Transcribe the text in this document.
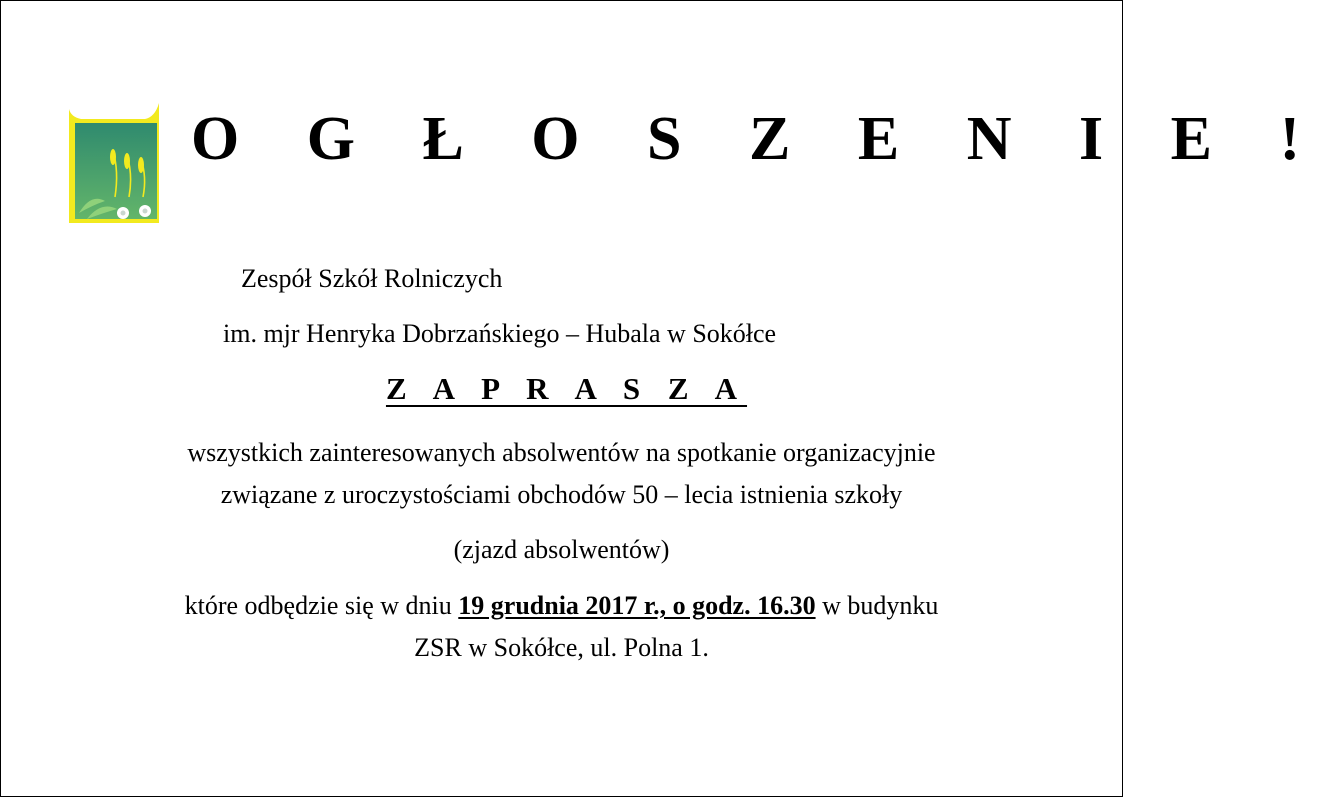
O G Ł O S Z E N I E !
Zespół Szkół Rolniczych
im. mjr Henryka Dobrzańskiego – Hubala w Sokółce
Z A P R A S Z A
wszystkich zainteresowanych absolwentów na spotkanie organizacyjnie
związane z uroczystościami obchodów 50 – lecia istnienia szkoły
(zjazd absolwentów)
które odbędzie się w dniu 19 grudnia 2017 r., o godz. 16.30 w budynku
ZSR w Sokółce, ul. Polna 1.
